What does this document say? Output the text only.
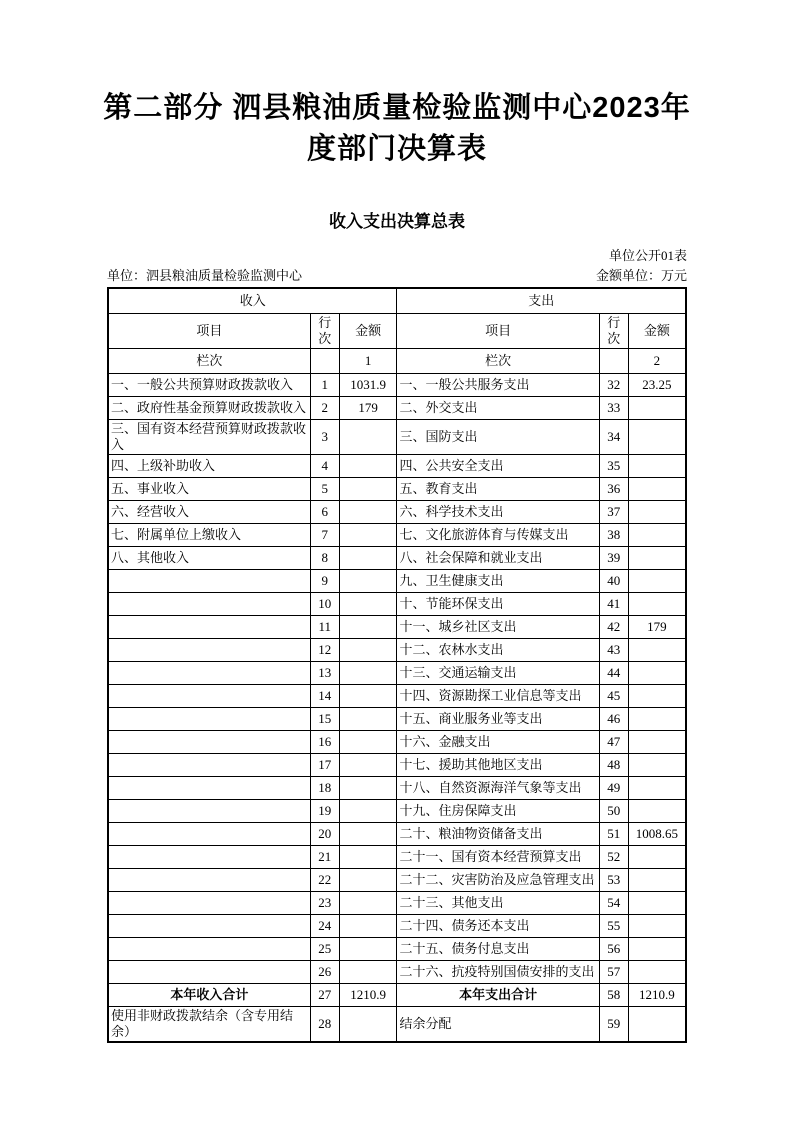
第二部分 泗县粮油质量检验监测中心2023年度部门决算表
收入支出决算总表
单位公开01表
单位：泗县粮油质量检验监测中心	金额单位：万元
收入			支出		
项目	行次	金额	项目	行次	金额
栏次		1	栏次		2
一、一般公共预算财政拨款收入	1	1031.9	一、一般公共服务支出	32	23.25
二、政府性基金预算财政拨款收入	2	179	二、外交支出	33	
三、国有资本经营预算财政拨款收入	3		三、国防支出	34	
四、上级补助收入	4		四、公共安全支出	35	
五、事业收入	5		五、教育支出	36	
六、经营收入	6		六、科学技术支出	37	
七、附属单位上缴收入	7		七、文化旅游体育与传媒支出	38	
八、其他收入	8		八、社会保障和就业支出	39	
	9		九、卫生健康支出	40	
	10		十、节能环保支出	41	
	11		十一、城乡社区支出	42	179
	12		十二、农林水支出	43	
	13		十三、交通运输支出	44	
	14		十四、资源勘探工业信息等支出	45	
	15		十五、商业服务业等支出	46	
	16		十六、金融支出	47	
	17		十七、援助其他地区支出	48	
	18		十八、自然资源海洋气象等支出	49	
	19		十九、住房保障支出	50	
	20		二十、粮油物资储备支出	51	1008.65
	21		二十一、国有资本经营预算支出	52	
	22		二十二、灾害防治及应急管理支出	53	
	23		二十三、其他支出	54	
	24		二十四、债务还本支出	55	
	25		二十五、债务付息支出	56	
	26		二十六、抗疫特别国债安排的支出	57	
本年收入合计	27	1210.9	本年支出合计	58	1210.9
使用非财政拨款结余（含专用结余）	28		结余分配	59	
